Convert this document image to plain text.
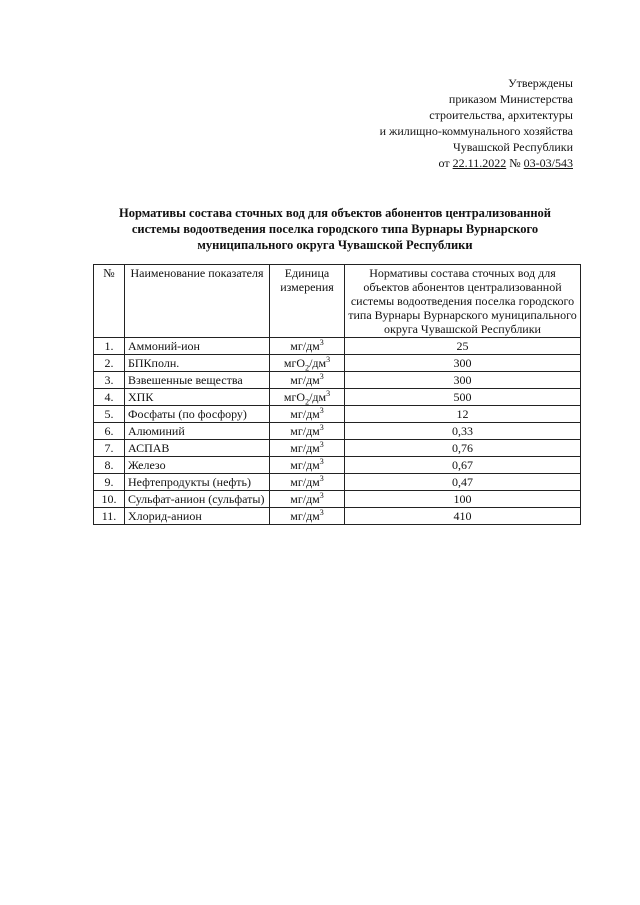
Утверждены
приказом Министерства
строительства, архитектуры
и жилищно-коммунального хозяйства
Чувашской Республики
от 22.11.2022 № 03-03/543
Нормативы состава сточных вод для объектов абонентов централизованной
системы водоотведения поселка городского типа Вурнары Вурнарского
муниципального округа Чувашской Республики
№	Наименование показателя	Единица измерения	Нормативы состава сточных вод для объектов абонентов централизованной системы водоотведения поселка городского типа Вурнары Вурнарского муниципального округа Чувашской Республики
1.	Аммоний-ион	$мг/дм^3$	25
2.	БПКполн.	$мгО_2/дм^3$	300
3.	Взвешенные вещества	$мг/дм^3$	300
4.	ХПК	$мгО_2/дм^3$	500
5.	Фосфаты (по фосфору)	$мг/дм^3$	12
6.	Алюминий	$мг/дм^3$	0,33
7.	АСПАВ	$мг/дм^3$	0,76
8.	Железо	$мг/дм^3$	0,67
9.	Нефтепродукты (нефть)	$мг/дм^3$	0,47
10.	Сульфат-анион (сульфаты)	$мг/дм^3$	100
11.	Хлорид-анион	$мг/дм^3$	410
